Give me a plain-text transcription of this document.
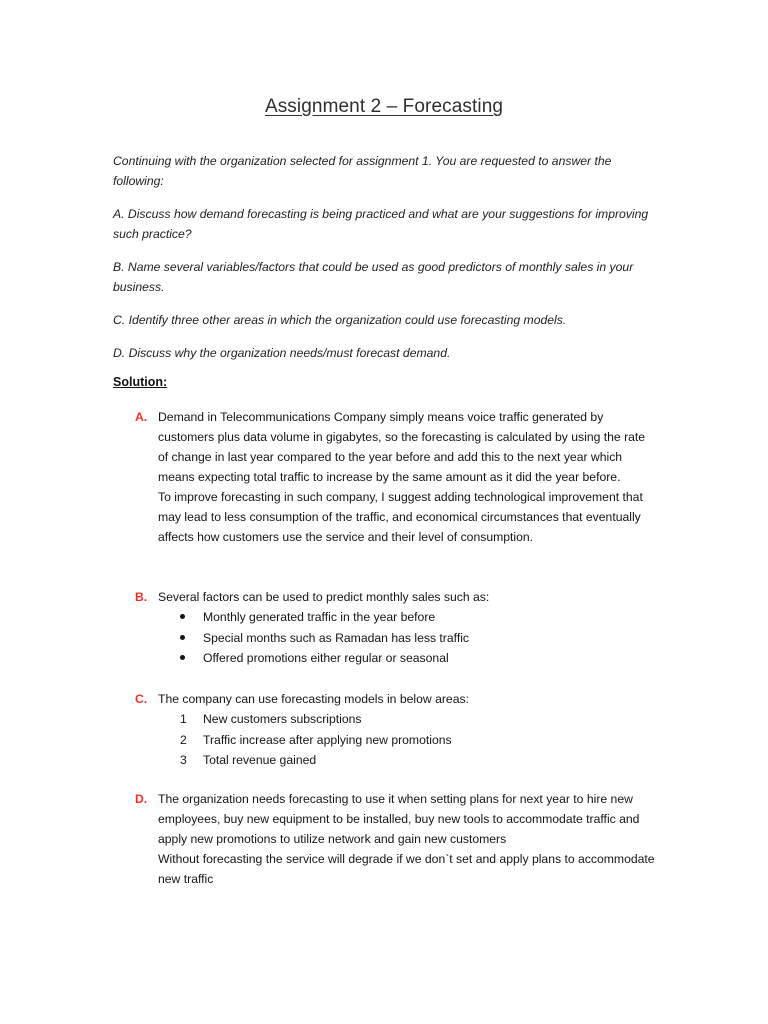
Assignment 2 – Forecasting
Continuing with the organization selected for assignment 1. You are requested to answer the following:
A. Discuss how demand forecasting is being practiced and what are your suggestions for improving such practice?
B. Name several variables/factors that could be used as good predictors of monthly sales in your business.
C. Identify three other areas in which the organization could use forecasting models.
D. Discuss why the organization needs/must forecast demand.
Solution:
A. Demand in Telecommunications Company simply means voice traffic generated by customers plus data volume in gigabytes, so the forecasting is calculated by using the rate of change in last year compared to the year before and add this to the next year which means expecting total traffic to increase by the same amount as it did the year before.

To improve forecasting in such company, I suggest adding technological improvement that may lead to less consumption of the traffic, and economical circumstances that eventually affects how customers use the service and their level of consumption.

B. Several factors can be used to predict monthly sales such as:
Monthly generated traffic in the year before
Special months such as Ramadan has less traffic
Offered promotions either regular or seasonal
C. The company can use forecasting models in below areas:
1	New customers subscriptions
2	Traffic increase after applying new promotions
3	Total revenue gained
D. The organization needs forecasting to use it when setting plans for next year to hire new employees, buy new equipment to be installed, buy new tools to accommodate traffic and apply new promotions to utilize network and gain new customers

Without forecasting the service will degrade if we don`t set and apply plans to accommodate new traffic
